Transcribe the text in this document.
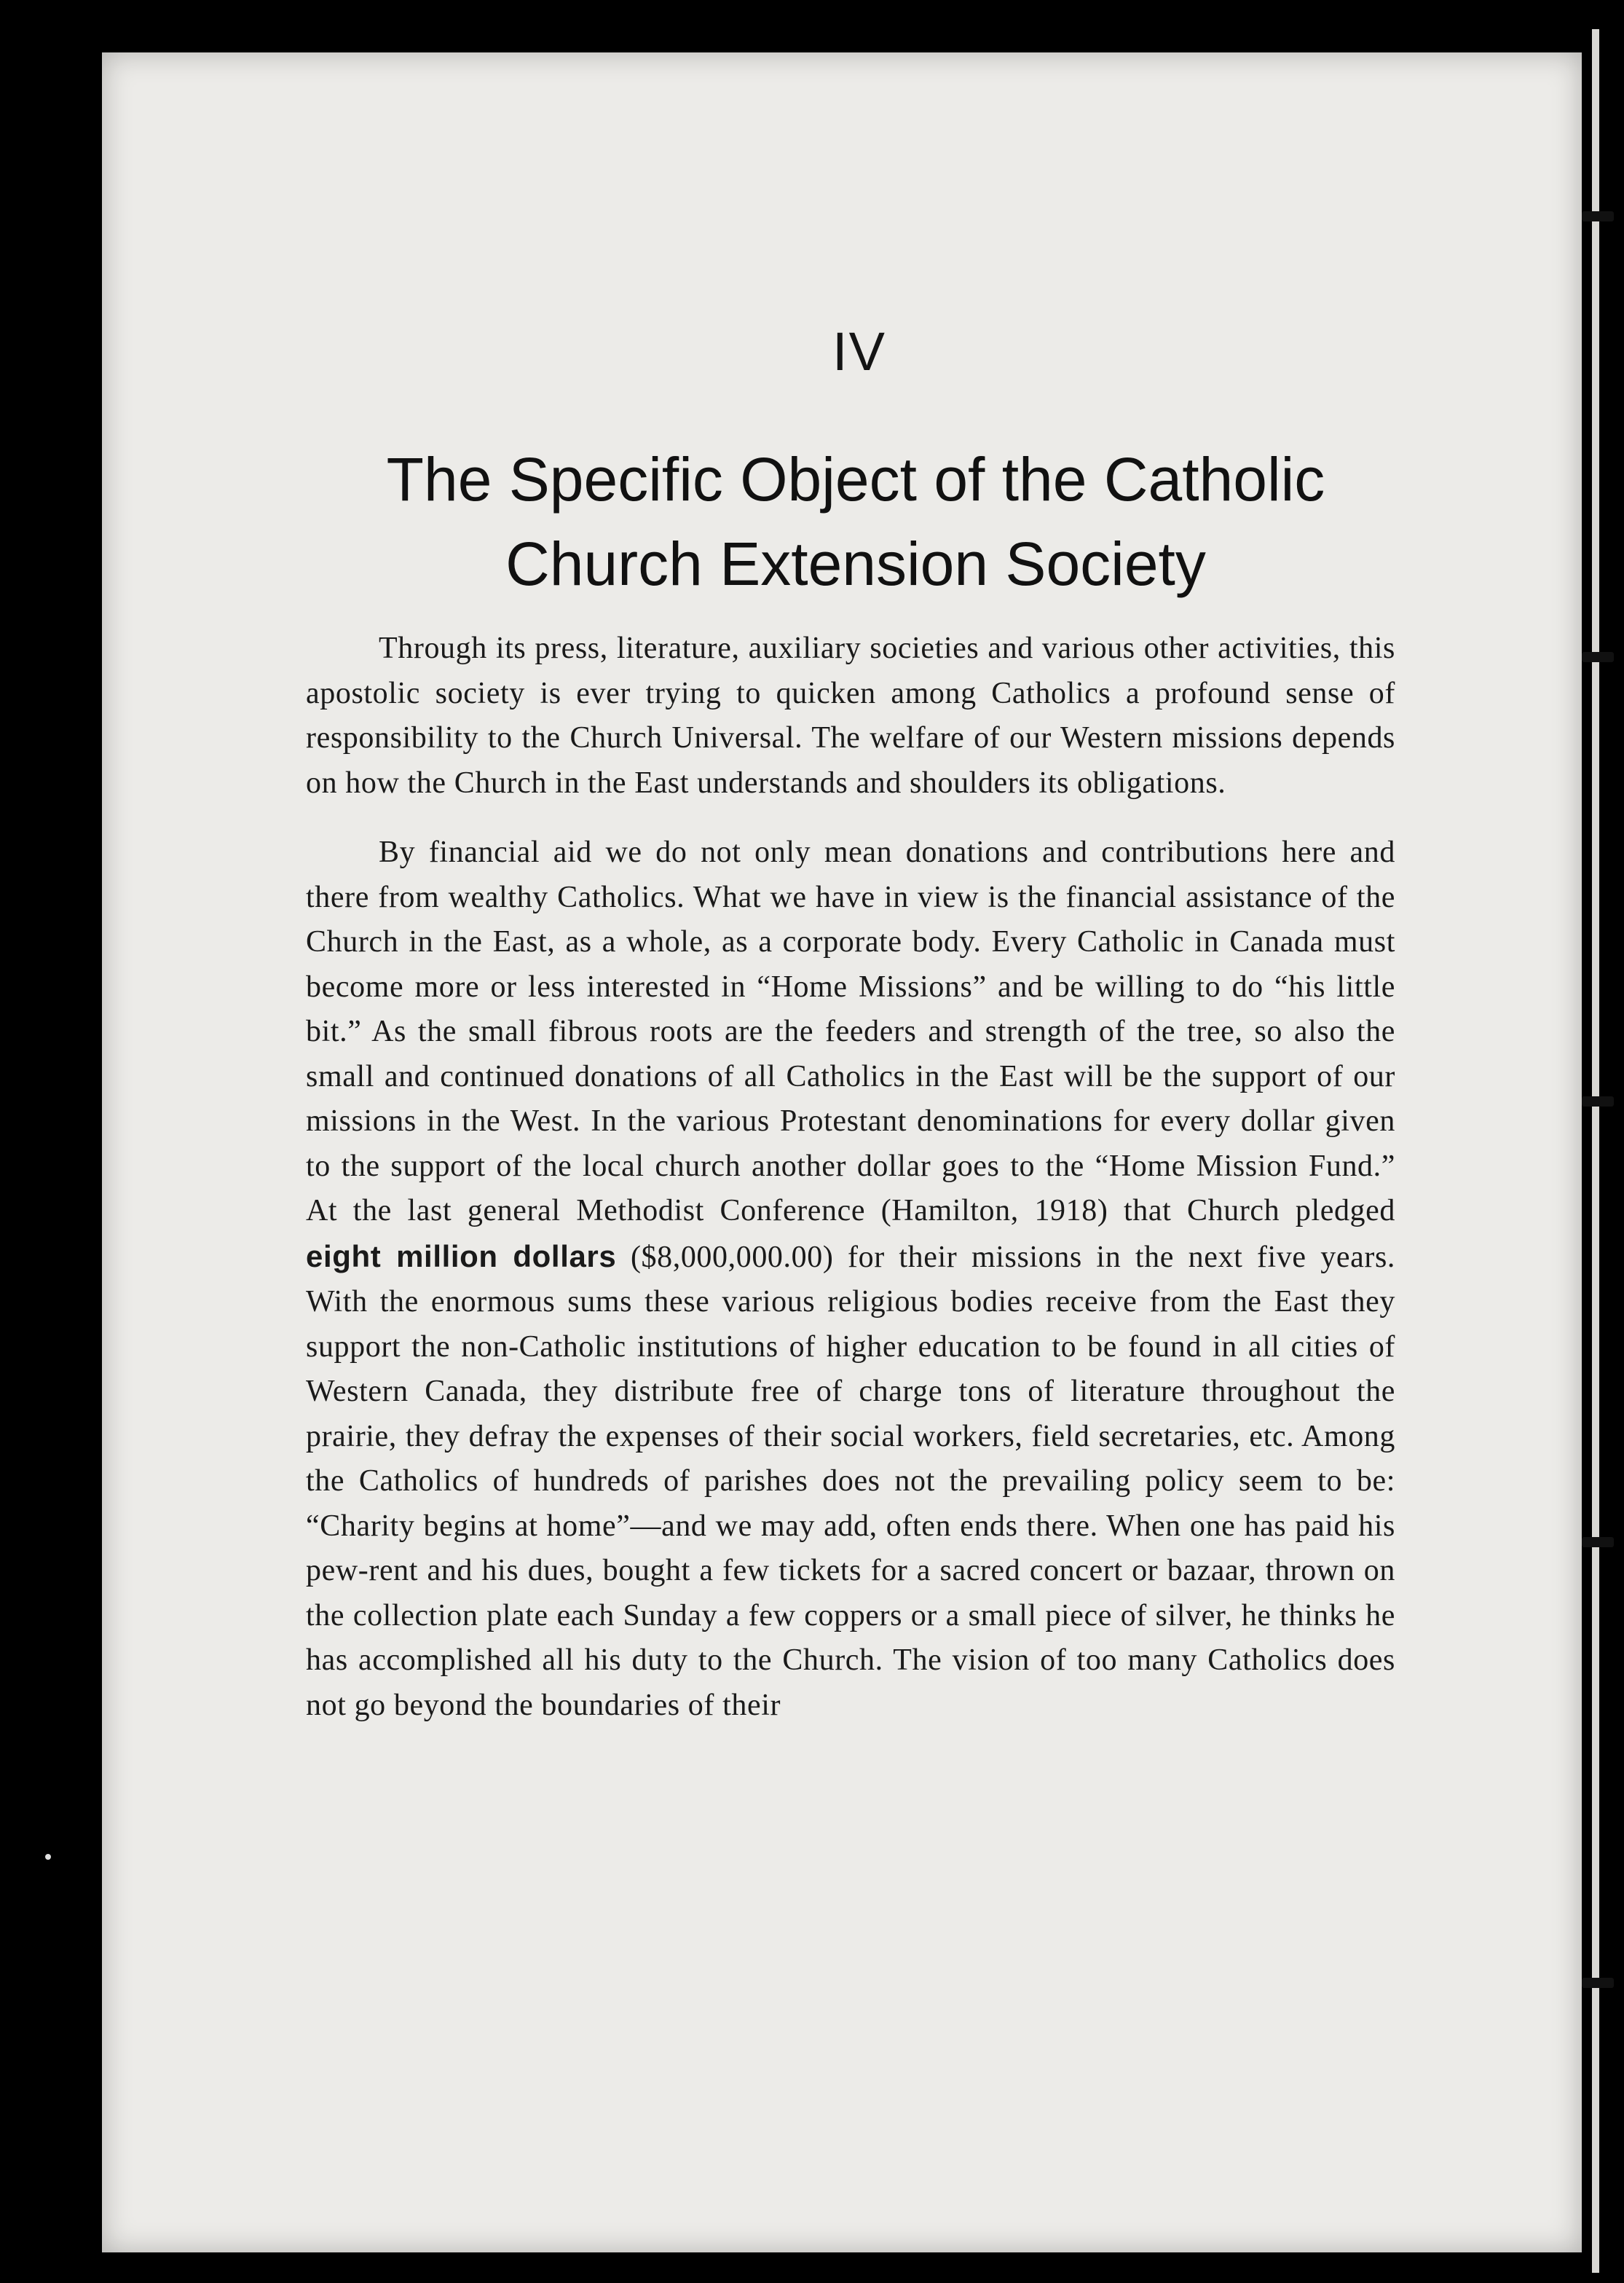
IV
The Specific Object of the Catholic
Church Extension Society

Through its press, literature, auxiliary societies and various other activities, this apostolic society is ever trying to quicken among Catholics a profound sense of responsibility to the Church Universal. The welfare of our Western missions depends on how the Church in the East understands and shoulders its obligations.

By financial aid we do not only mean donations and contributions here and there from wealthy Catholics. What we have in view is the financial assistance of the Church in the East, as a whole, as a corporate body. Every Catholic in Canada must become more or less interested in “Home Missions” and be willing to do “his little bit.” As the small fibrous roots are the feeders and strength of the tree, so also the small and continued donations of all Catholics in the East will be the support of our missions in the West. In the various Protestant denominations for every dollar given to the support of the local church another dollar goes to the “Home Mission Fund.” At the last general Methodist Conference (Hamilton, 1918) that Church pledged eight million dollars ($8,000,000.00) for their missions in the next five years. With the enormous sums these various religious bodies receive from the East they support the non-Catholic institutions of higher education to be found in all cities of Western Canada, they distribute free of charge tons of literature throughout the prairie, they defray the expenses of their social workers, field secretaries, etc. Among the Catholics of hundreds of parishes does not the prevailing policy seem to be: “Charity begins at home”—and we may add, often ends there. When one has paid his pew-rent and his dues, bought a few tickets for a sacred concert or bazaar, thrown on the collection plate each Sunday a few coppers or a small piece of silver, he thinks he has accomplished all his duty to the Church. The vision of too many Catholics does not go beyond the boundaries of their
